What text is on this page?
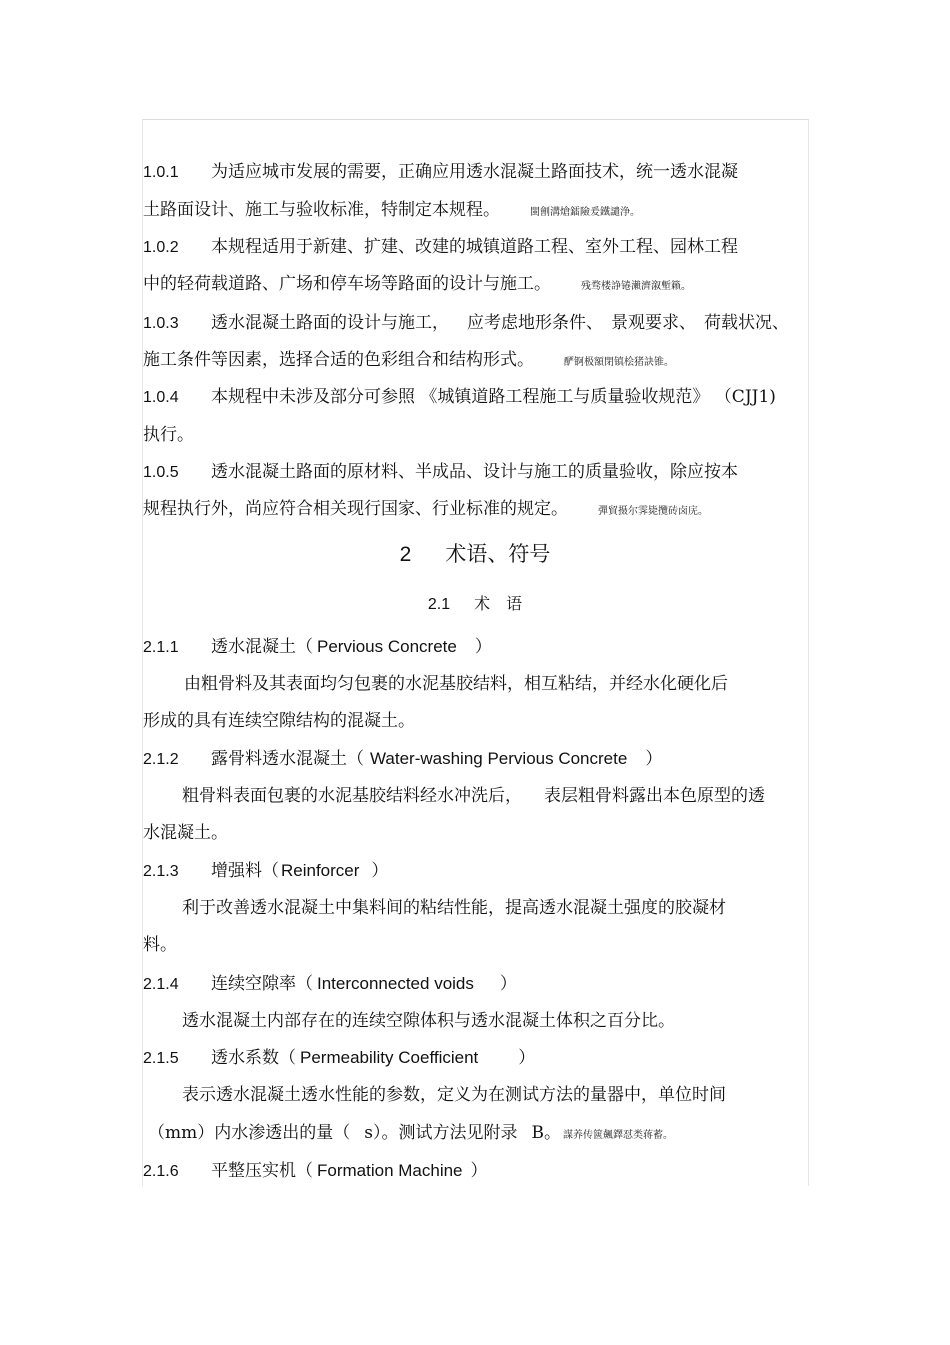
1.0.1 为适应城市发展的需要，正确应用透水混凝土路面技术，统一透水混凝
土路面设计、施工与验收标准，特制定本规程。	閩劊溝熗鐳險爰鐵譴浄。
1.0.2 本规程适用于新建、扩建、改建的城镇道路工程、室外工程、园林工程
中的轻荷载道路、广场和停车场等路面的设计与施工。	残骛楼諍锩瀨濟溆塹籟。
1.0.3 透水混凝土路面的设计与施工， 应考虑地形条件、 景观要求、 荷载状况、
施工条件等因素，选择合适的色彩组合和结构形式。	酽锕极額閉镇桧猪訣锥。
1.0.4 本规程中未涉及部分可参照 《城镇道路工程施工与质量验收规范》 （CJJ1)
执行。
1.0.5 透水混凝土路面的原材料、半成品、设计与施工的质量验收，除应按本
规程执行外，尚应符合相关现行国家、行业标准的规定。	彈貿摄尔霁毙攬砖卤庑。
2 术语、符号
2.1 术　语
2.1.1 透水混凝土（ Pervious Concrete ）
由粗骨料及其表面均匀包裹的水泥基胶结料，相互粘结，并经水化硬化后
形成的具有连续空隙结构的混凝土。
2.1.2 露骨料透水混凝土（ Water-washing Pervious Concrete ）
粗骨料表面包裹的水泥基胶结料经水冲洗后， 表层粗骨料露出本色原型的透
水混凝土。
2.1.3 增强料（ Reinforcer ）
利于改善透水混凝土中集料间的粘结性能，提高透水混凝土强度的胶凝材
料。
2.1.4 连续空隙率（ Interconnected voids ）
透水混凝土内部存在的连续空隙体积与透水混凝土体积之百分比。
2.1.5 透水系数（ Permeability Coefficient ）
表示透水混凝土透水性能的参数，定义为在测试方法的量器中，单位时间
（mm）内水渗透出的量（ s）。测试方法见附录 B。 謀养传篋飆鐸怼类蒋蓄。
2.1.6 平整压实机（ Formation Machine ）
